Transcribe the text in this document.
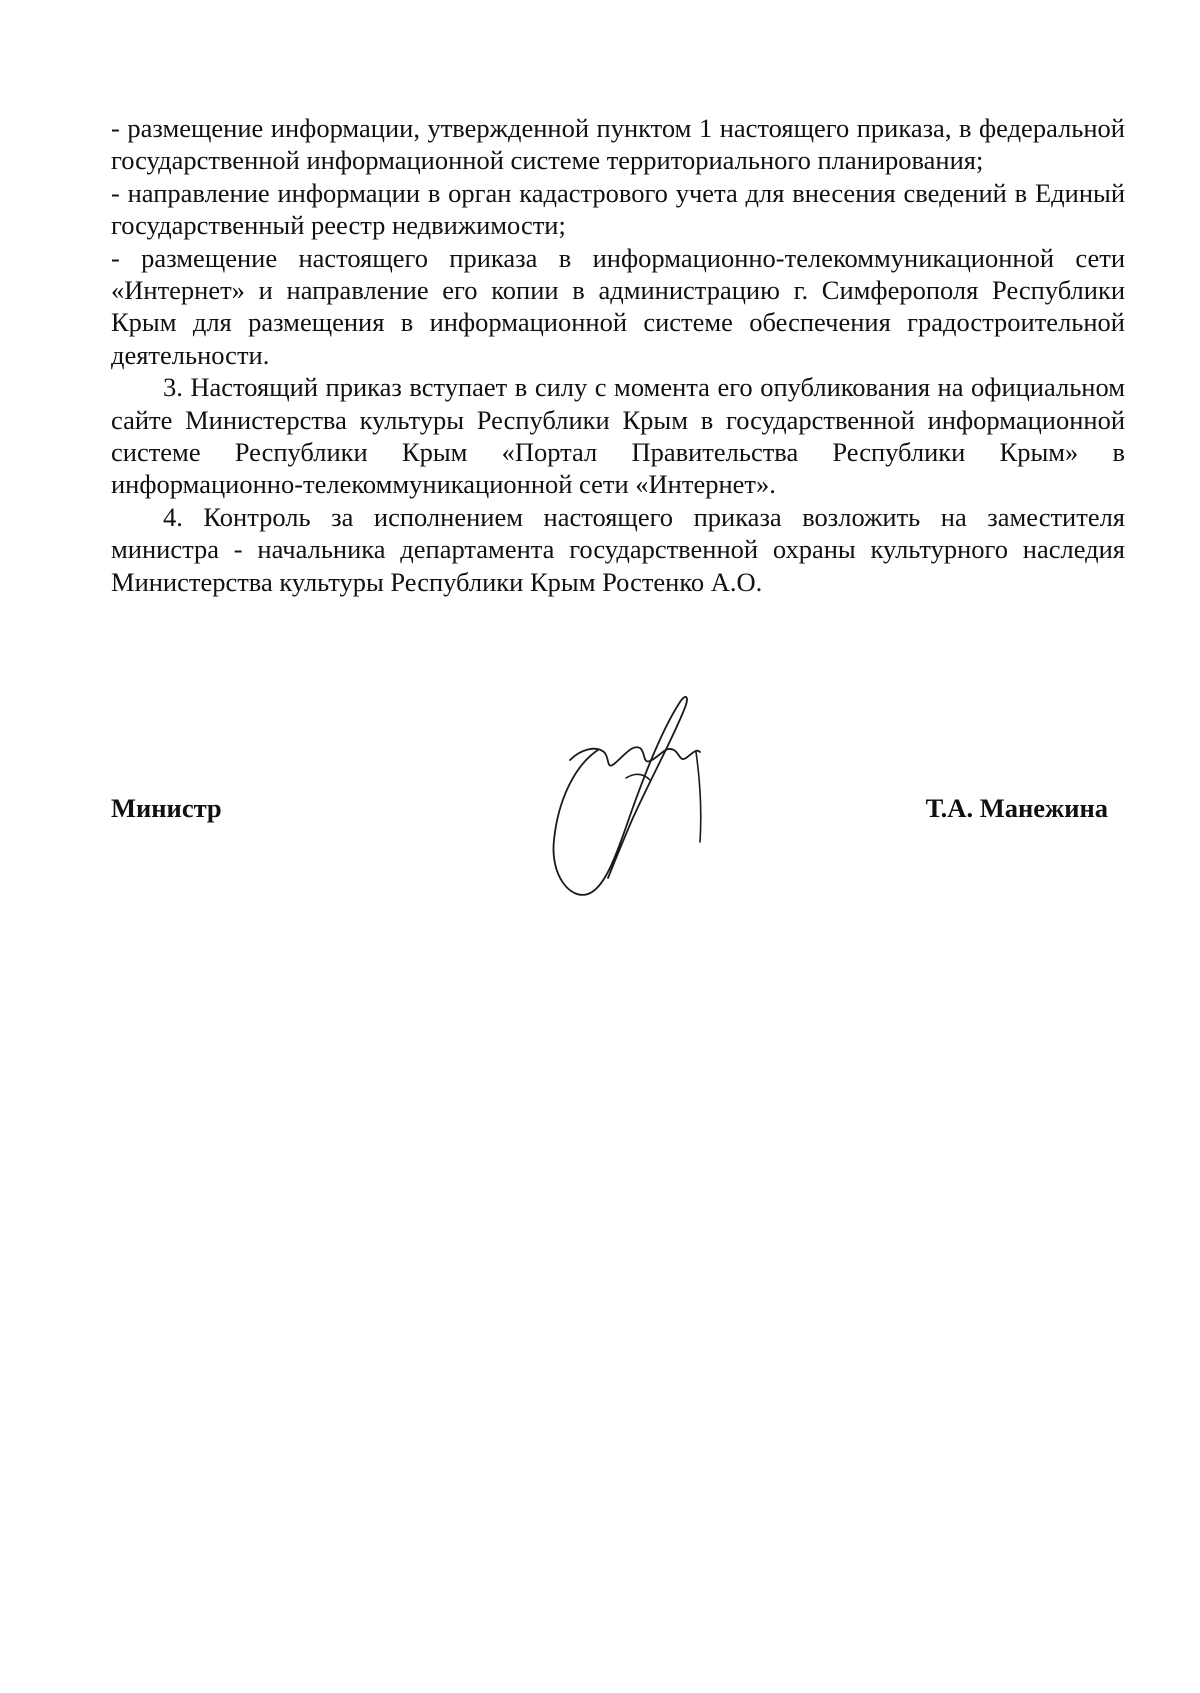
- размещение информации, утвержденной пунктом 1 настоящего приказа, в федеральной государственной информационной системе территориального планирования;

- направление информации в орган кадастрового учета для внесения сведений в Единый государственный реестр недвижимости;

- размещение настоящего приказа в информационно-телекоммуникационной сети «Интернет» и направление его копии в администрацию г. Симферополя Республики Крым для размещения в информационной системе обеспечения градостроительной деятельности.

3. Настоящий приказ вступает в силу с момента его опубликования на официальном сайте Министерства культуры Республики Крым в государственной информационной системе Республики Крым «Портал Правительства Республики Крым» в информационно-телекоммуникационной сети «Интернет».

4. Контроль за исполнением настоящего приказа возложить на заместителя министра - начальника департамента государственной охраны культурного наследия Министерства культуры Республики Крым Ростенко А.О.

Министр	Т.А. Манежина
